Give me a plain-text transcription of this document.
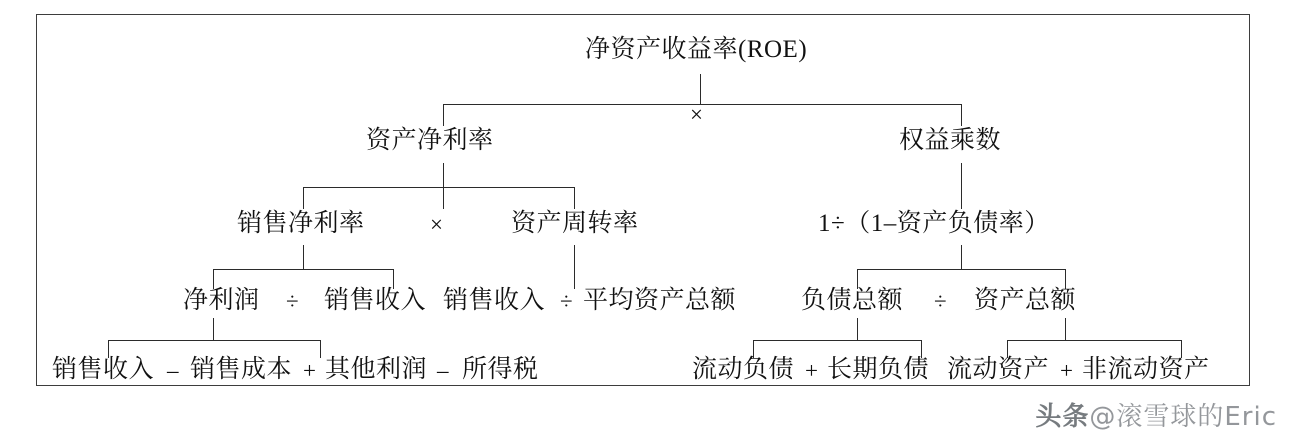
净资产收益率(ROE)
×
资产净利率	权益乘数
销售净利率	×	资产周转率	1÷（1–资产负债率）
净利润 ÷ 销售收入 销售收入 ÷ 平均资产总额	负债总额 ÷ 资产总额
销售收入 – 销售成本 + 其他利润 – 所得税	流动负债 + 长期负债 流动资产 + 非流动资产
头条@滚雪球的Eric
